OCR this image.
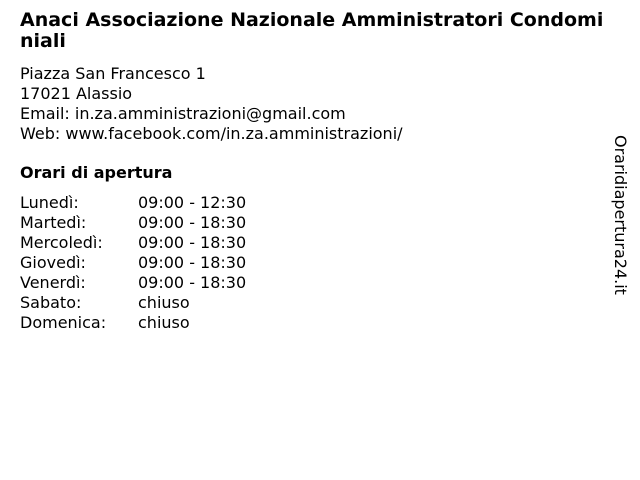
Anaci Associazione Nazionale Amministratori Condominiali
Piazza San Francesco 1
17021 Alassio
Email: in.za.amministrazioni@gmail.com
Web: www.facebook.com/in.za.amministrazioni/
Orari di apertura
Lunedì:	09:00 - 12:30
Martedì:	09:00 - 18:30
Mercoledì:	09:00 - 18:30
Giovedì:	09:00 - 18:30
Venerdì:	09:00 - 18:30
Sabato:	chiuso
Domenica:	chiuso
Oraridiapertura24.it
